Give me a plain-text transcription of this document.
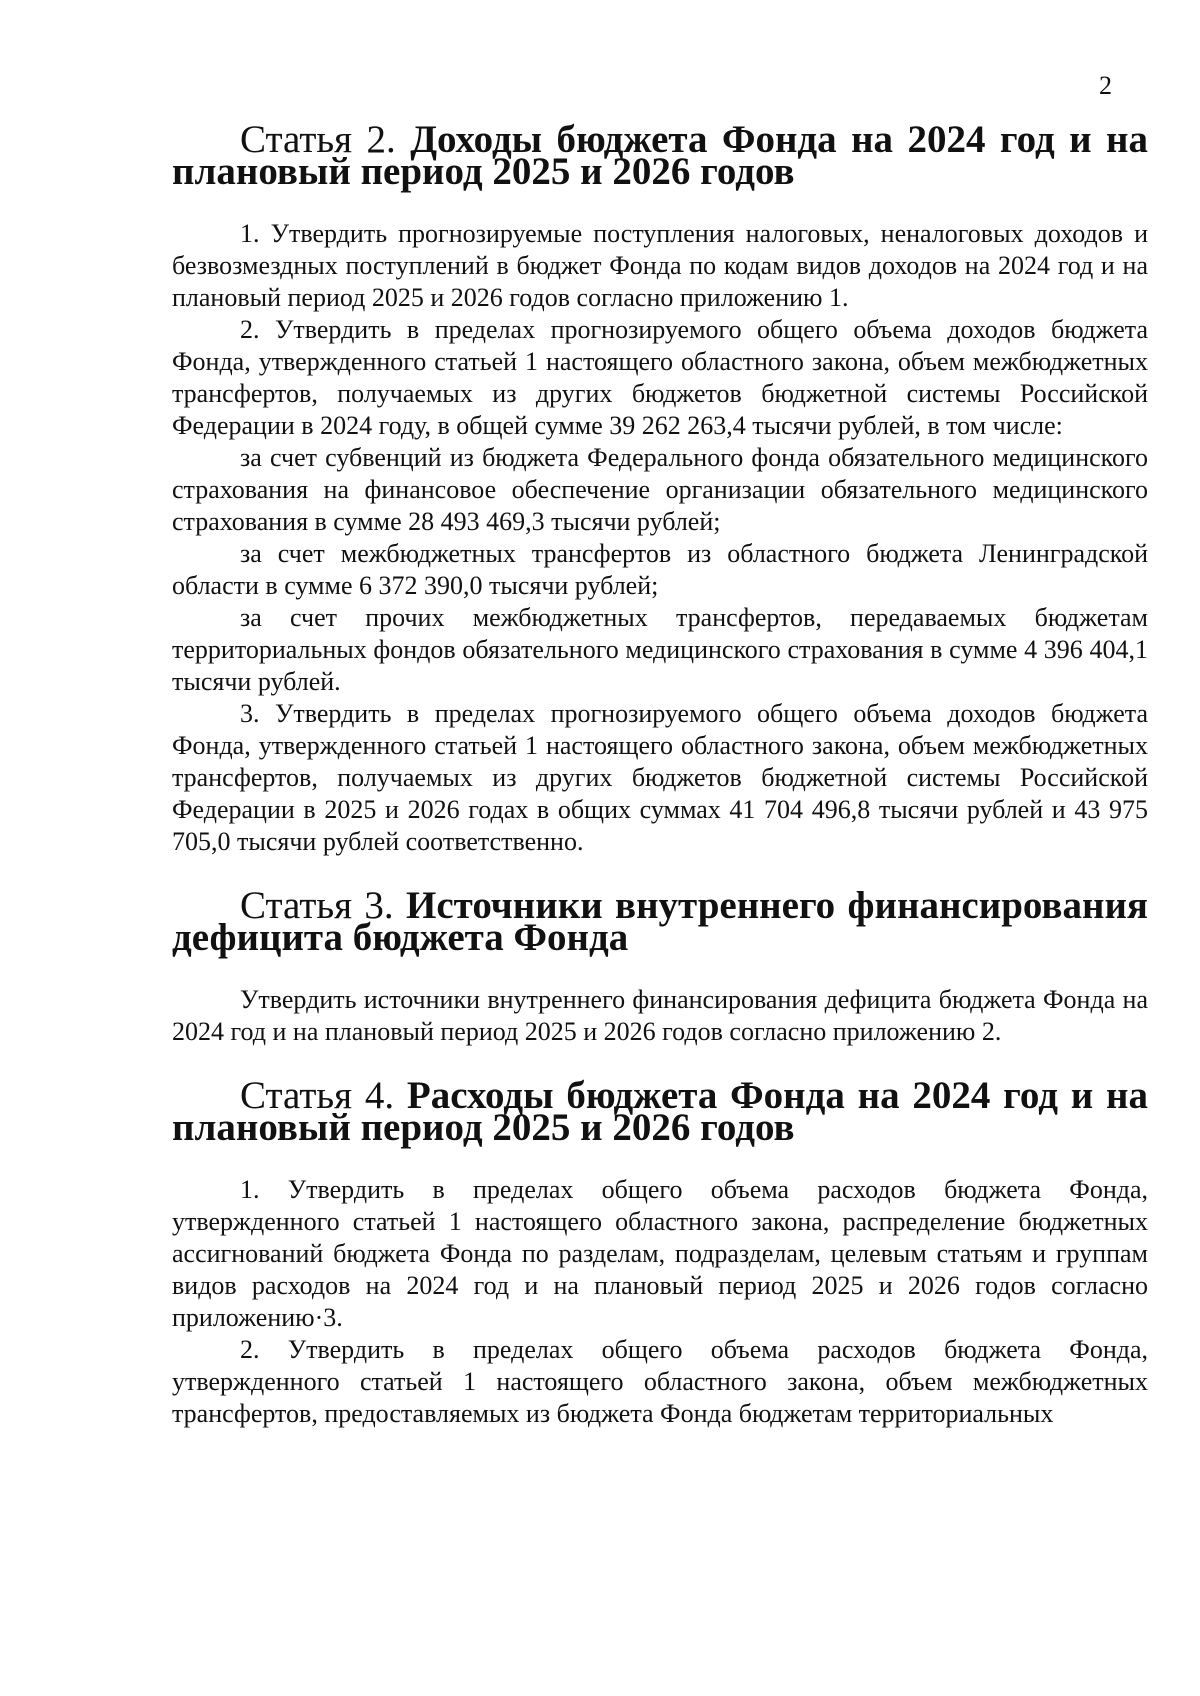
2
Статья 2. Доходы бюджета Фонда на 2024 год и на плановый период 2025 и 2026 годов

1. Утвердить прогнозируемые поступления налоговых, неналоговых доходов и безвозмездных поступлений в бюджет Фонда по кодам видов доходов на 2024 год и на плановый период 2025 и 2026 годов согласно приложению 1.

2. Утвердить в пределах прогнозируемого общего объема доходов бюджета Фонда, утвержденного статьей 1 настоящего областного закона, объем межбюджетных трансфертов, получаемых из других бюджетов бюджетной системы Российской Федерации в 2024 году, в общей сумме 39 262 263,4 тысячи рублей, в том числе:

за счет субвенций из бюджета Федерального фонда обязательного медицинского страхования на финансовое обеспечение организации обязательного медицинского страхования в сумме 28 493 469,3 тысячи рублей;

за счет межбюджетных трансфертов из областного бюджета Ленинградской области в сумме 6 372 390,0 тысячи рублей;

за счет прочих межбюджетных трансфертов, передаваемых бюджетам территориальных фондов обязательного медицинского страхования в сумме 4 396 404,1 тысячи рублей.

3. Утвердить в пределах прогнозируемого общего объема доходов бюджета Фонда, утвержденного статьей 1 настоящего областного закона, объем межбюджетных трансфертов, получаемых из других бюджетов бюджетной системы Российской Федерации в 2025 и 2026 годах в общих суммах 41 704 496,8 тысячи рублей и 43 975 705,0 тысячи рублей соответственно.

Статья 3. Источники внутреннего финансирования дефицита бюджета Фонда

Утвердить источники внутреннего финансирования дефицита бюджета Фонда на 2024 год и на плановый период 2025 и 2026 годов согласно приложению 2.

Статья 4. Расходы бюджета Фонда на 2024 год и на плановый период 2025 и 2026 годов

1. Утвердить в пределах общего объема расходов бюджета Фонда, утвержденного статьей 1 настоящего областного закона, распределение бюджетных ассигнований бюджета Фонда по разделам, подразделам, целевым статьям и группам видов расходов на 2024 год и на плановый период 2025 и 2026 годов согласно приложению·3.

2. Утвердить в пределах общего объема расходов бюджета Фонда, утвержденного статьей 1 настоящего областного закона, объем межбюджетных трансфертов, предоставляемых из бюджета Фонда бюджетам территориальных
